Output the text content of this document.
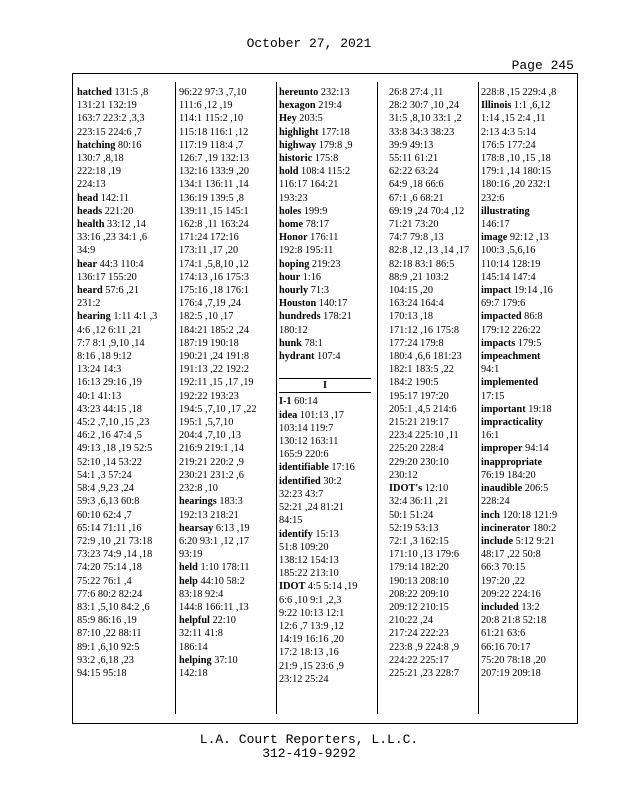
October 27, 2021
Page 245
hatched 131:5 ,8
131:21 132:19
163:7 223:2 ,3,3
223:15 224:6 ,7
hatching 80:16
130:7 ,8,18
222:18 ,19
224:13
head 142:11
heads 221:20
health 33:12 ,14
33:16 ,23 34:1 ,6
34:9
hear 44:3 110:4
136:17 155:20
heard 57:6 ,21
231:2
hearing 1:11 4:1 ,3
4:6 ,12 6:11 ,21
7:7 8:1 ,9,10 ,14
8:16 ,18 9:12
13:24 14:3
16:13 29:16 ,19
40:1 41:13
43:23 44:15 ,18
45:2 ,7,10 ,15 ,23
46:2 ,16 47:4 ,5
49:13 ,18 ,19 52:5
52:10 ,14 53:22
54:1 ,3 57:24
58:4 ,9,23 ,24
59:3 ,6,13 60:8
60:10 62:4 ,7
65:14 71:11 ,16
72:9 ,10 ,21 73:18
73:23 74:9 ,14 ,18
74:20 75:14 ,18
75:22 76:1 ,4
77:6 80:2 82:24
83:1 ,5,10 84:2 ,6
85:9 86:16 ,19
87:10 ,22 88:11
89:1 ,6,10 92:5
93:2 ,6,18 ,23
94:15 95:18
96:22 97:3 ,7,10
111:6 ,12 ,19
114:1 115:2 ,10
115:18 116:1 ,12
117:19 118:4 ,7
126:7 ,19 132:13
132:16 133:9 ,20
134:1 136:11 ,14
136:19 139:5 ,8
139:11 ,15 145:1
162:8 ,11 163:24
171:24 172:16
173:11 ,17 ,20
174:1 ,5,8,10 ,12
174:13 ,16 175:3
175:16 ,18 176:1
176:4 ,7,19 ,24
182:5 ,10 ,17
184:21 185:2 ,24
187:19 190:18
190:21 ,24 191:8
191:13 ,22 192:2
192:11 ,15 ,17 ,19
192:22 193:23
194:5 ,7,10 ,17 ,22
195:1 ,5,7,10
204:4 ,7,10 ,13
216:9 219:1 ,14
219:21 220:2 ,9
230:21 231:2 ,6
232:8 ,10
hearings 183:3
192:13 218:21
hearsay 6:13 ,19
6:20 93:1 ,12 ,17
93:19
held 1:10 178:11
help 44:10 58:2
83:18 92:4
144:8 166:11 ,13
helpful 22:10
32:11 41:8
186:14
helping 37:10
142:18
hereunto 232:13
hexagon 219:4
Hey 203:5
highlight 177:18
highway 179:8 ,9
historic 175:8
hold 108:4 115:2
116:17 164:21
193:23
holes 199:9
home 78:17
Honor 176:11
192:8 195:11
hoping 219:23
hour 1:16
hourly 71:3
Houston 140:17
hundreds 178:21
180:12
hunk 78:1
hydrant 107:4

I
I-1 60:14
idea 101:13 ,17
103:14 119:7
130:12 163:11
165:9 220:6
identifiable 17:16
identified 30:2
32:23 43:7
52:21 ,24 81:21
84:15
identify 15:13
51:8 109:20
138:12 154:13
185:22 213:10
IDOT 4:5 5:14 ,19
6:6 ,10 9:1 ,2,3
9:22 10:13 12:1
12:6 ,7 13:9 ,12
14:19 16:16 ,20
17:2 18:13 ,16
21:9 ,15 23:6 ,9
23:12 25:24
26:8 27:4 ,11
28:2 30:7 ,10 ,24
31:5 ,8,10 33:1 ,2
33:8 34:3 38:23
39:9 49:13
55:11 61:21
62:22 63:24
64:9 ,18 66:6
67:1 ,6 68:21
69:19 ,24 70:4 ,12
71:21 73:20
74:7 79:8 ,13
82:8 ,12 ,13 ,14 ,17
82:18 83:1 86:5
88:9 ,21 103:2
104:15 ,20
163:24 164:4
170:13 ,18
171:12 ,16 175:8
177:24 179:8
180:4 ,6,6 181:23
182:1 183:5 ,22
184:2 190:5
195:17 197:20
205:1 ,4,5 214:6
215:21 219:17
223:4 225:10 ,11
225:20 228:4
229:20 230:10
230:12
IDOT's 12:10
32:4 36:11 ,21
50:1 51:24
52:19 53:13
72:1 ,3 162:15
171:10 ,13 179:6
179:14 182:20
190:13 208:10
208:22 209:10
209:12 210:15
210:22 ,24
217:24 222:23
223:8 ,9 224:8 ,9
224:22 225:17
225:21 ,23 228:7
228:8 ,15 229:4 ,8
Illinois 1:1 ,6,12
1:14 ,15 2:4 ,11
2:13 4:3 5:14
176:5 177:24
178:8 ,10 ,15 ,18
179:1 ,14 180:15
180:16 ,20 232:1
232:6
illustrating
146:17
image 92:12 ,13
100:3 ,5,6,16
110:14 128:19
145:14 147:4
impact 19:14 ,16
69:7 179:6
impacted 86:8
179:12 226:22
impacts 179:5
impeachment
94:1
implemented
17:15
important 19:18
impracticality
16:1
improper 94:14
inappropriate
76:19 184:20
inaudible 206:5
228:24
inch 120:18 121:9
incinerator 180:2
include 5:12 9:21
48:17 ,22 50:8
66:3 70:15
197:20 ,22
209:22 224:16
included 13:2
20:8 21:8 52:18
61:21 63:6
66:16 70:17
75:20 78:18 ,20
207:19 209:18
L.A. Court Reporters, L.L.C.
312-419-9292
